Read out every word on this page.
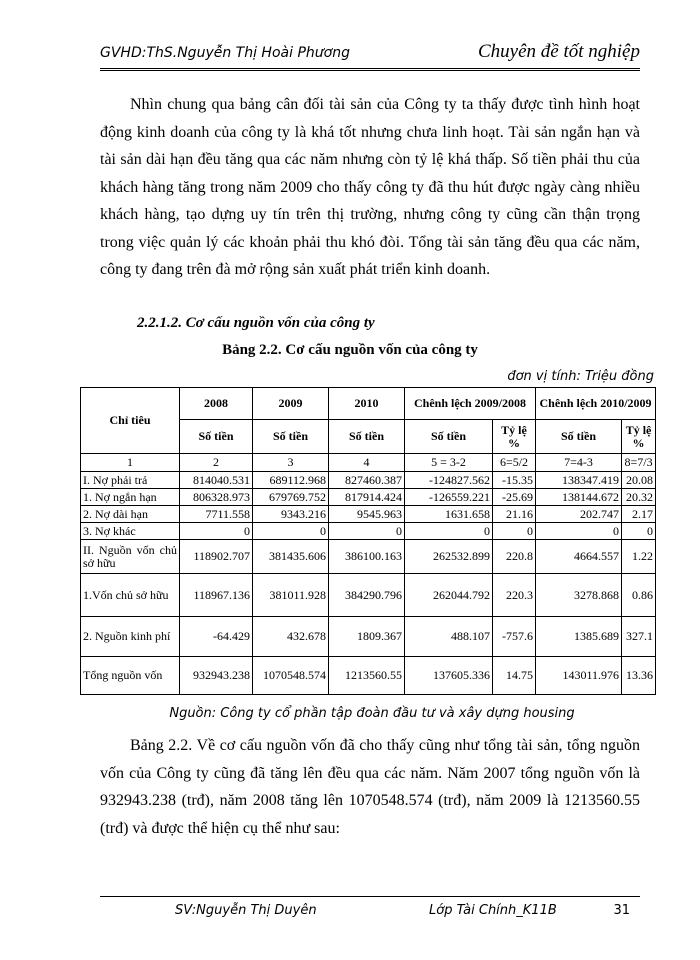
GVHD:ThS.Nguyễn Thị Hoài Phương	Chuyên đề tốt nghiệp
Nhìn chung qua bảng cân đối tài sản của Công ty ta thấy được tình hình hoạt động kinh doanh của công ty là khá tốt nhưng chưa linh hoạt. Tài sản ngắn hạn và tài sản dài hạn đều tăng qua các năm nhưng còn tỷ lệ khá thấp. Số tiền phải thu của khách hàng tăng trong năm 2009 cho thấy công ty đã thu hút được ngày càng nhiều khách hàng, tạo dựng uy tín trên thị trường, nhưng công ty cũng cần thận trọng trong việc quản lý các khoản phải thu khó đòi. Tổng tài sản tăng đều qua các năm, công ty đang trên đà mở rộng sản xuất phát triển kinh doanh.
2.2.1.2. Cơ cấu nguồn vốn của công ty
Bảng 2.2. Cơ cấu nguồn vốn của công ty
đơn vị tính: Triệu đồng
Chỉ tiêu	2008	2009	2010	Chênh lệch 2009/2008		Chênh lệch 2010/2009	
	Số tiền	Số tiền	Số tiền	Số tiền	Tỷ lệ %	Số tiền	Tỷ lệ %
1	2	3	4	5 = 3-2	6=5/2	7=4-3	8=7/3
I. Nợ phải trả	814040.531	689112.968	827460.387	-124827.562	-15.35	138347.419	20.08
1. Nợ ngắn hạn	806328.973	679769.752	817914.424	-126559.221	-25.69	138144.672	20.32
2. Nợ dài hạn	7711.558	9343.216	9545.963	1631.658	21.16	202.747	2.17
3. Nợ khác	0	0	0	0	0	0	0
II. Nguồn vốn chủ sở hữu	118902.707	381435.606	386100.163	262532.899	220.8	4664.557	1.22
1.Vốn chủ sở hữu	118967.136	381011.928	384290.796	262044.792	220.3	3278.868	0.86
2. Nguồn kinh phí	-64.429	432.678	1809.367	488.107	-757.6	1385.689	327.1
Tổng nguồn vốn	932943.238	1070548.574	1213560.55	137605.336	14.75	143011.976	13.36
Nguồn: Công ty cổ phần tập đoàn đầu tư và xây dựng housing
Bảng 2.2. Về cơ cấu nguồn vốn đã cho thấy cũng như tổng tài sản, tổng nguồn vốn của Công ty cũng đã tăng lên đều qua các năm. Năm 2007 tổng nguồn vốn là 932943.238 (trđ), năm 2008 tăng lên 1070548.574 (trđ), năm 2009 là 1213560.55 (trđ) và được thể hiện cụ thể như sau:
SV:Nguyễn Thị Duyên	Lớp Tài Chính_K11B	31
